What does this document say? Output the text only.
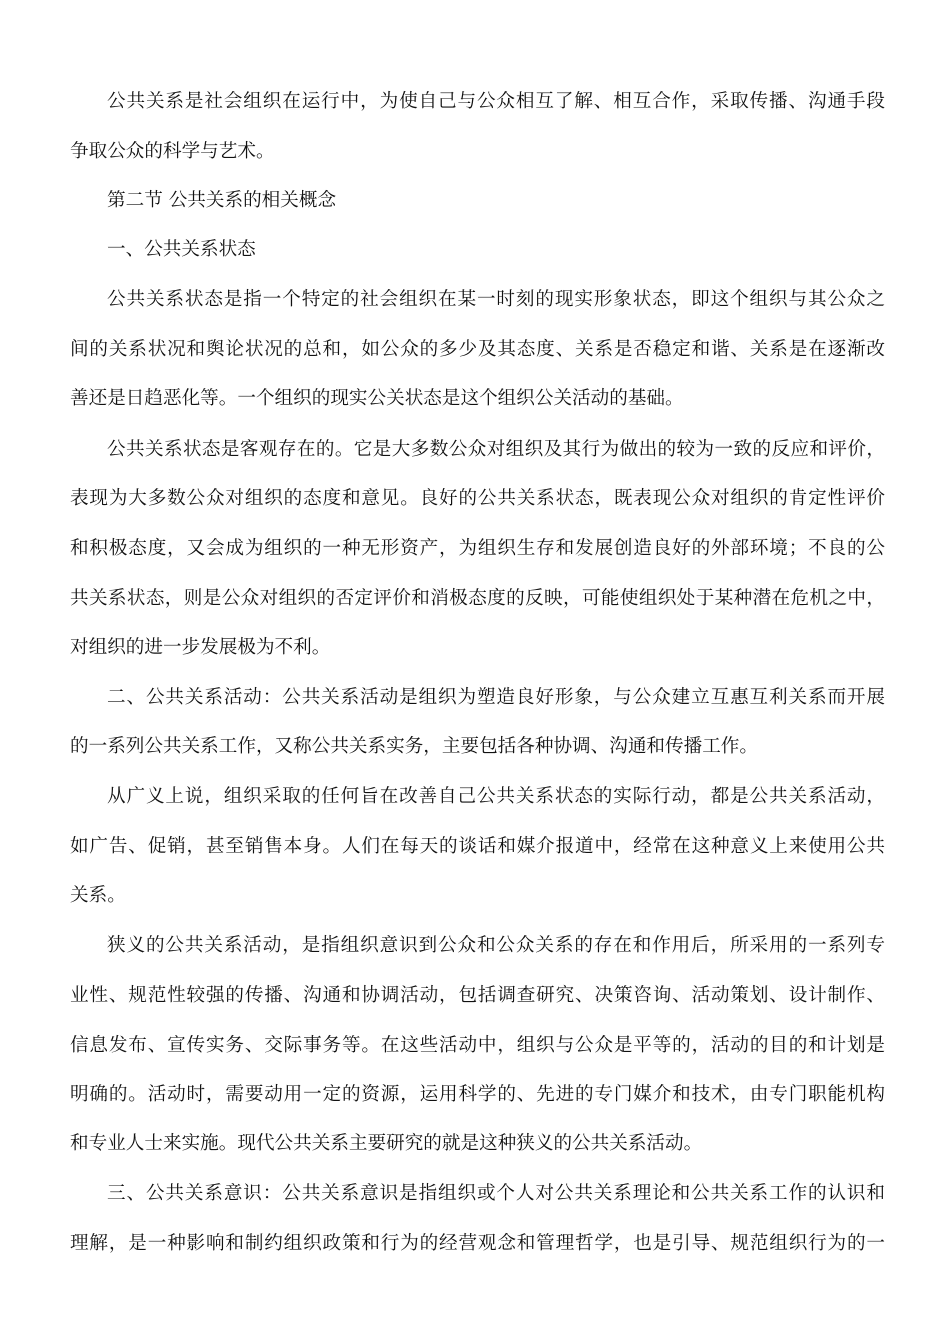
公共关系是社会组织在运行中，为使自己与公众相互了解、相互合作，采取传播、沟通手段
争取公众的科学与艺术。
第二节 公共关系的相关概念
一、公共关系状态
公共关系状态是指一个特定的社会组织在某一时刻的现实形象状态，即这个组织与其公众之
间的关系状况和舆论状况的总和，如公众的多少及其态度、关系是否稳定和谐、关系是在逐渐改
善还是日趋恶化等。一个组织的现实公关状态是这个组织公关活动的基础。
公共关系状态是客观存在的。它是大多数公众对组织及其行为做出的较为一致的反应和评价，
表现为大多数公众对组织的态度和意见。良好的公共关系状态，既表现公众对组织的肯定性评价
和积极态度，又会成为组织的一种无形资产，为组织生存和发展创造良好的外部环境；不良的公
共关系状态，则是公众对组织的否定评价和消极态度的反映，可能使组织处于某种潜在危机之中，
对组织的进一步发展极为不利。
二、公共关系活动：公共关系活动是组织为塑造良好形象，与公众建立互惠互利关系而开展
的一系列公共关系工作，又称公共关系实务，主要包括各种协调、沟通和传播工作。
从广义上说，组织采取的任何旨在改善自己公共关系状态的实际行动，都是公共关系活动，
如广告、促销，甚至销售本身。人们在每天的谈话和媒介报道中，经常在这种意义上来使用公共
关系。
狭义的公共关系活动，是指组织意识到公众和公众关系的存在和作用后，所采用的一系列专
业性、规范性较强的传播、沟通和协调活动，包括调查研究、决策咨询、活动策划、设计制作、
信息发布、宣传实务、交际事务等。在这些活动中，组织与公众是平等的，活动的目的和计划是
明确的。活动时，需要动用一定的资源，运用科学的、先进的专门媒介和技术，由专门职能机构
和专业人士来实施。现代公共关系主要研究的就是这种狭义的公共关系活动。
三、公共关系意识：公共关系意识是指组织或个人对公共关系理论和公共关系工作的认识和
理解，是一种影响和制约组织政策和行为的经营观念和管理哲学，也是引导、规范组织行为的一
